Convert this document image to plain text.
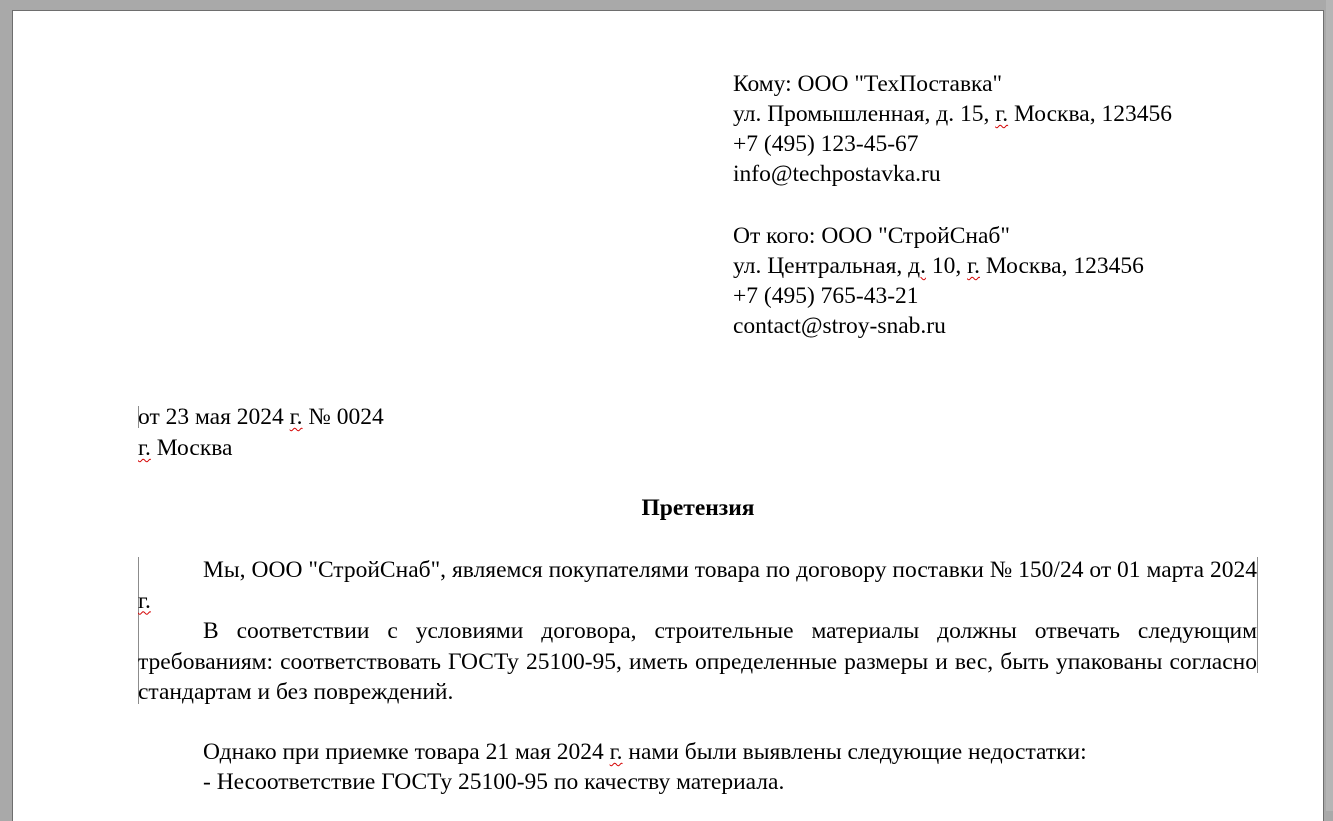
Кому: ООО "ТехПоставка"
ул. Промышленная, д. 15, г. Москва, 123456
+7 (495) 123-45-67
info@techpostavka.ru
От кого: ООО "СтройСнаб"
ул. Центральная, д. 10, г. Москва, 123456
+7 (495) 765-43-21
contact@stroy-snab.ru
от 23 мая 2024 г. № 0024
г. Москва
Претензия

Мы, ООО "СтройСнаб", являемся покупателями товара по договору поставки № 150/24 от 01 марта 2024 г.

В соответствии с условиями договора, строительные материалы должны отвечать следующим требованиям: соответствовать ГОСТу 25100-95, иметь определенные размеры и вес, быть упакованы согласно стандартам и без повреждений.

Однако при приемке товара 21 мая 2024 г. нами были выявлены следующие недостатки:

- Несоответствие ГОСТу 25100-95 по качеству материала.
